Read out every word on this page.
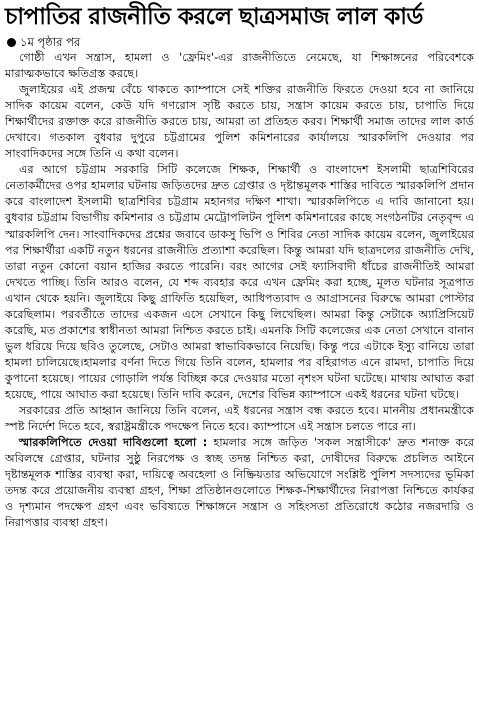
চাপাতির রাজনীতি করলে ছাত্রসমাজ লাল কার্ড
১ম পৃষ্ঠার পর

গোষ্ঠী এখন সন্ত্রাস, হামলা ও 'ফ্রেমিং'-এর রাজনীতিতে নেমেছে, যা শিক্ষাঙ্গনের পরিবেশকে মারাত্মকভাবে ক্ষতিগ্রস্ত করছে।

জুলাইয়ের এই প্রজন্ম বেঁচে থাকতে ক্যাম্পাসে সেই শক্তির রাজনীতি ফিরতে দেওয়া হবে না জানিয়ে সাদিক কায়েম বলেন, কেউ যদি গণরোস সৃষ্টি করতে চায়, সন্ত্রাস কায়েম করতে চায়, চাপাতি দিয়ে শিক্ষার্থীদের রক্তাক্ত করে রাজনীতি করতে চায়, আমরা তা প্রতিহত করব। শিক্ষার্থী সমাজ তাদের লাল কার্ড দেখাবে। গতকাল বুধবার দুপুরে চট্টগ্রামের পুলিশ কমিশনারের কার্যালয়ে স্মারকলিপি দেওয়ার পর সাংবাদিকদের সঙ্গে তিনি এ কথা বলেন।

এর আগে চট্টগ্রাম সরকারি সিটি কলেজে শিক্ষক, শিক্ষার্থী ও বাংলাদেশ ইসলামী ছাত্রশিবিরের নেতাকর্মীদের ওপর হামলার ঘটনায় জড়িতদের দ্রুত গ্রেপ্তার ও দৃষ্টান্তমূলক শাস্তির দাবিতে স্মারকলিপি প্রদান করে বাংলাদেশ ইসলামী ছাত্রশিবির চট্টগ্রাম মহানগর দক্ষিণ শাখা। স্মারকলিপিতে এ দাবি জানানো হয়। বুধবার চট্টগ্রাম বিভাগীয় কমিশনার ও চট্টগ্রাম মেট্রোপলিটন পুলিশ কমিশনারের কাছে সংগঠনটির নেতৃবৃন্দ এ স্মারকলিপি দেন। সাংবাদিকদের প্রশ্নের জবাবে ডাকসু ভিপি ও শিবির নেতা সাদিক কায়েম বলেন, জুলাইয়ের পর শিক্ষার্থীরা একটি নতুন ধরনের রাজনীতি প্রত্যাশা করেছিল। কিন্তু আমরা যদি ছাত্রদলের রাজনীতি দেখি, তারা নতুন কোনো বয়ান হাজির করতে পারেনি। বরং আগের সেই ফ্যাসিবাদী ধাঁচের রাজনীতিই আমরা দেখতে পাচ্ছি। তিনি আরও বলেন, যে শব্দ ব্যবহার করে এখন ফ্রেমিং করা হচ্ছে, মূলত ঘটনার সূত্রপাত এখান থেকে হয়নি। জুলাইয়ে কিছু গ্রাফিতি হয়েছিল, আধিপত্যবাদ ও আগ্রাসনের বিরুদ্ধে আমরা পোস্টার করেছিলাম। পরবর্তীতে তাদের একজন এসে সেখানে কিছু লিখেছিল। আমরা কিন্তু সেটাকে অ্যাপ্রিসিয়েট করেছি, মত প্রকাশের স্বাধীনতা আমরা নিশ্চিত করতে চাই। এমনকি সিটি কলেজের এক নেতা সেখানে বানান ভুল ধরিয়ে দিয়ে ছবিও তুলেছে, সেটাও আমরা স্বাভাবিকভাবে নিয়েছি। কিন্তু পরে এটাকে ইস্যু বানিয়ে তারা হামলা চালিয়েছে।হামলার বর্ণনা দিতে গিয়ে তিনি বলেন, হামলার পর বহিরাগত এনে রামদা, চাপাতি দিয়ে কুপানো হয়েছে। পায়ের গোড়ালি পর্যন্ত বিচ্ছিন্ন করে দেওয়ার মতো নৃশংস ঘটনা ঘটেছে। মাথায় আঘাত করা হয়েছে, পায়ে আঘাত করা হয়েছে। তিনি দাবি করেন, দেশের বিভিন্ন ক্যাম্পাসে একই ধরনের ঘটনা ঘটছে।

সরকারের প্রতি আহ্বান জানিয়ে তিনি বলেন, এই ধরনের সন্ত্রাস বন্ধ করতে হবে। মাননীয় প্রধানমন্ত্রীকে স্পষ্ট নির্দেশ দিতে হবে, স্বরাষ্ট্রমন্ত্রীকে পদক্ষেপ নিতে হবে। ক্যাম্পাসে এই সন্ত্রাস চলতে পারে না।

স্মারকলিপিতে দেওয়া দাবিগুলো হলো : হামলার সঙ্গে জড়িত 'সকল সন্ত্রাসীকে' দ্রুত শনাক্ত করে অবিলম্বে গ্রেপ্তার, ঘটনার সুষ্ঠু নিরপেক্ষ ও স্বচ্ছ তদন্ত নিশ্চিত করা, দোষীদের বিরুদ্ধে প্রচলিত আইনে দৃষ্টান্তমূলক শাস্তির ব্যবস্থা করা, দায়িত্বে অবহেলা ও নিষ্ক্রিয়তার অভিযোগে সংশ্লিষ্ট পুলিশ সদস্যদের ভূমিকা তদন্ত করে প্রয়োজনীয় ব্যবস্থা গ্রহণ, শিক্ষা প্রতিষ্ঠানগুলোতে শিক্ষক-শিক্ষার্থীদের নিরাপত্তা নিশ্চিতে কার্যকর ও দৃশ্যমান পদক্ষেপ গ্রহণ এবং ভবিষ্যতে শিক্ষাঙ্গনে সন্ত্রাস ও সহিংসতা প্রতিরোধে কঠোর নজরদারি ও নিরাপত্তার ব্যবস্থা গ্রহণ।
